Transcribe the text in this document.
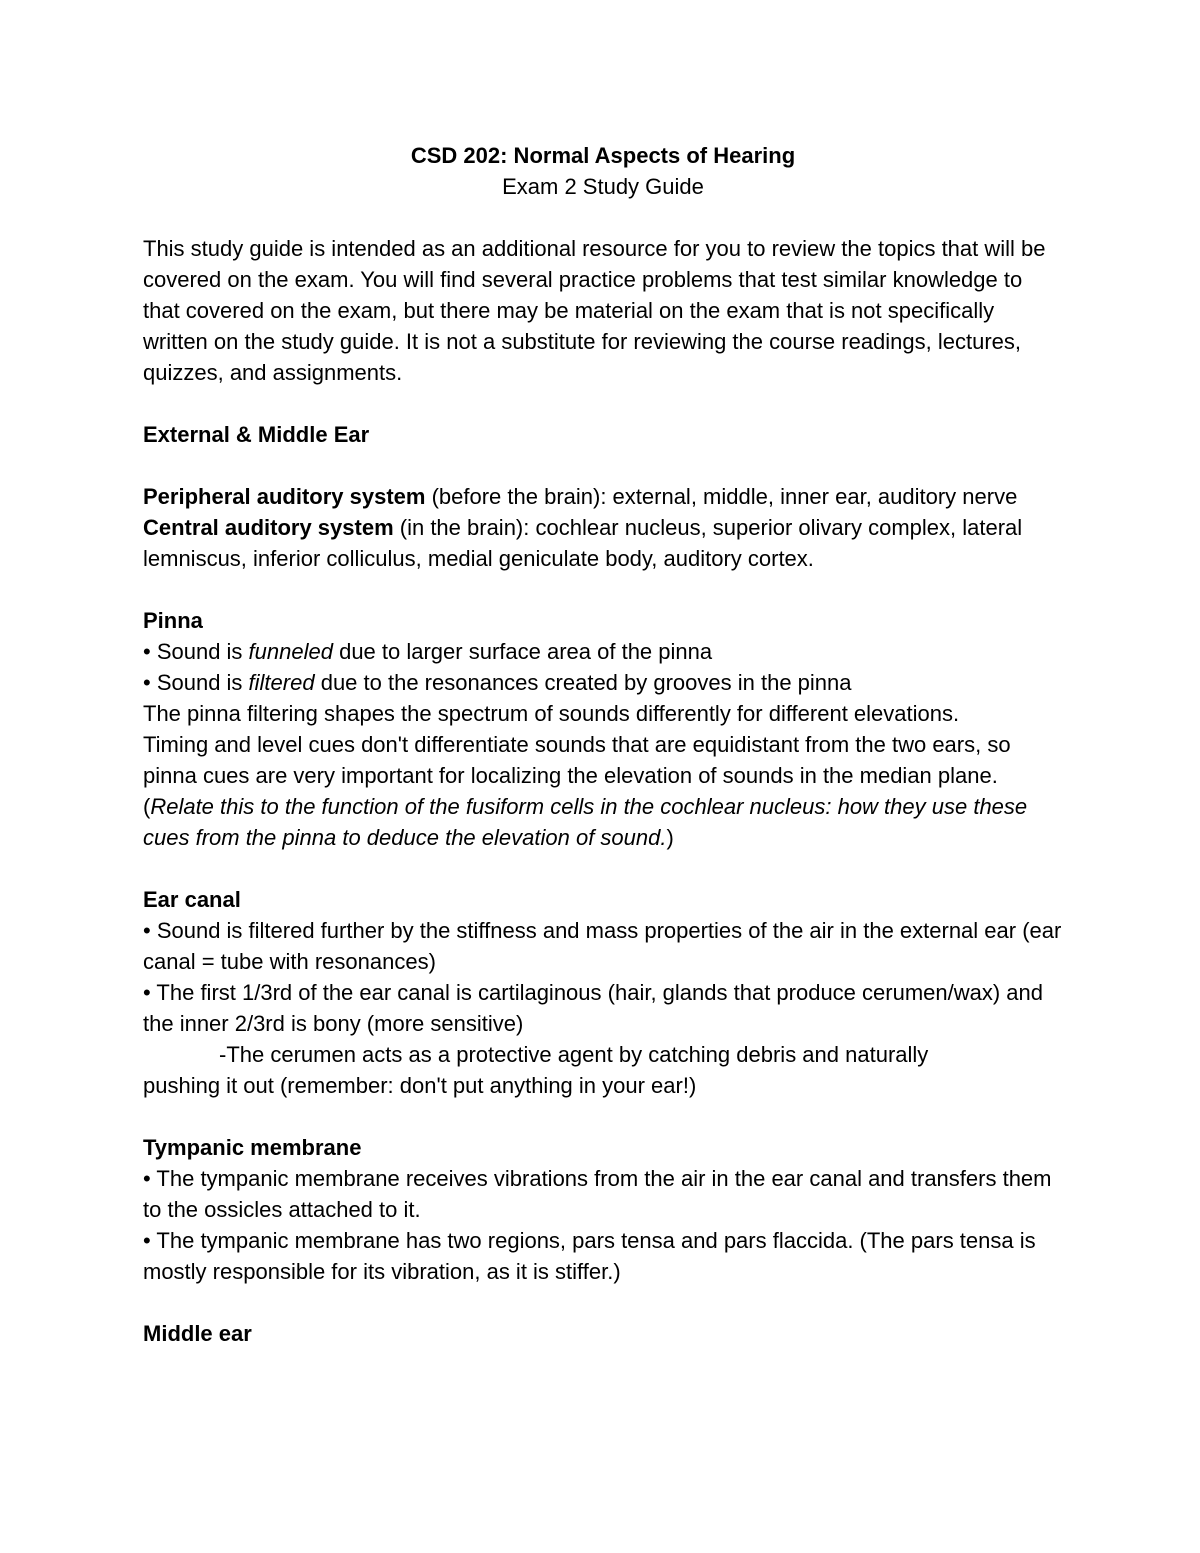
CSD 202: Normal Aspects of Hearing

Exam 2 Study Guide

This study guide is intended as an additional resource for you to review the topics that will be covered on the exam. You will find several practice problems that test similar knowledge to that covered on the exam, but there may be material on the exam that is not specifically written on the study guide. It is not a substitute for reviewing the course readings, lectures, quizzes, and assignments.

External & Middle Ear

Peripheral auditory system (before the brain): external, middle, inner ear, auditory nerve Central auditory system (in the brain): cochlear nucleus, superior olivary complex, lateral lemniscus, inferior colliculus, medial geniculate body, auditory cortex.

Pinna

• Sound is funneled due to larger surface area of the pinna

• Sound is filtered due to the resonances created by grooves in the pinna

The pinna filtering shapes the spectrum of sounds differently for different elevations.

Timing and level cues don't differentiate sounds that are equidistant from the two ears, so pinna cues are very important for localizing the elevation of sounds in the median plane. (Relate this to the function of the fusiform cells in the cochlear nucleus: how they use these cues from the pinna to deduce the elevation of sound.)

Ear canal

• Sound is filtered further by the stiffness and mass properties of the air in the external ear (ear canal = tube with resonances)

• The first 1/3rd of the ear canal is cartilaginous (hair, glands that produce cerumen/wax) and the inner 2/3rd is bony (more sensitive)

-The cerumen acts as a protective agent by catching debris and naturally
pushing it out (remember: don't put anything in your ear!)

Tympanic membrane

• The tympanic membrane receives vibrations from the air in the ear canal and transfers them to the ossicles attached to it.

• The tympanic membrane has two regions, pars tensa and pars flaccida. (The pars tensa is mostly responsible for its vibration, as it is stiffer.)

Middle ear
